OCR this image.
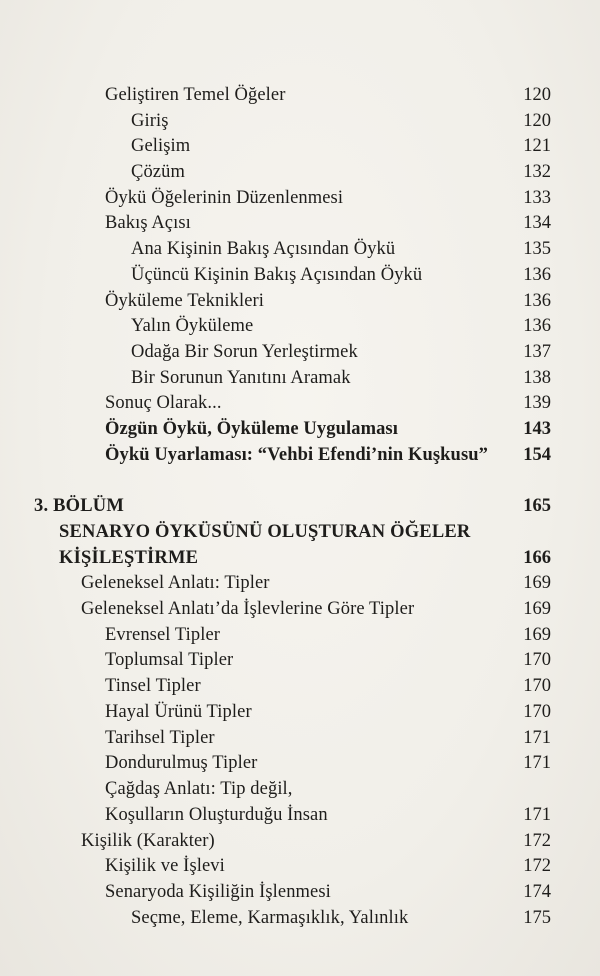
Geliştiren Temel Öğeler	120
Giriş	120
Gelişim	121
Çözüm	132
Öykü Öğelerinin Düzenlenmesi	133
Bakış Açısı	134
Ana Kişinin Bakış Açısından Öykü	135
Üçüncü Kişinin Bakış Açısından Öykü	136
Öyküleme Teknikleri	136
Yalın Öyküleme	136
Odağa Bir Sorun Yerleştirmek	137
Bir Sorunun Yanıtını Aramak	138
Sonuç Olarak...	139
Özgün Öykü, Öyküleme Uygulaması	143
Öykü Uyarlaması: “Vehbi Efendi’nin Kuşkusu”	154
3. BÖLÜM	165
SENARYO ÖYKÜSÜNÜ OLUŞTURAN ÖĞELER
KİŞİLEŞTİRME	166
Geleneksel Anlatı: Tipler	169
Geleneksel Anlatı’da İşlevlerine Göre Tipler	169
Evrensel Tipler	169
Toplumsal Tipler	170
Tinsel Tipler	170
Hayal Ürünü Tipler	170
Tarihsel Tipler	171
Dondurulmuş Tipler	171
Çağdaş Anlatı: Tip değil,
Koşulların Oluşturduğu İnsan	171
Kişilik (Karakter)	172
Kişilik ve İşlevi	172
Senaryoda Kişiliğin İşlenmesi	174
Seçme, Eleme, Karmaşıklık, Yalınlık	175
